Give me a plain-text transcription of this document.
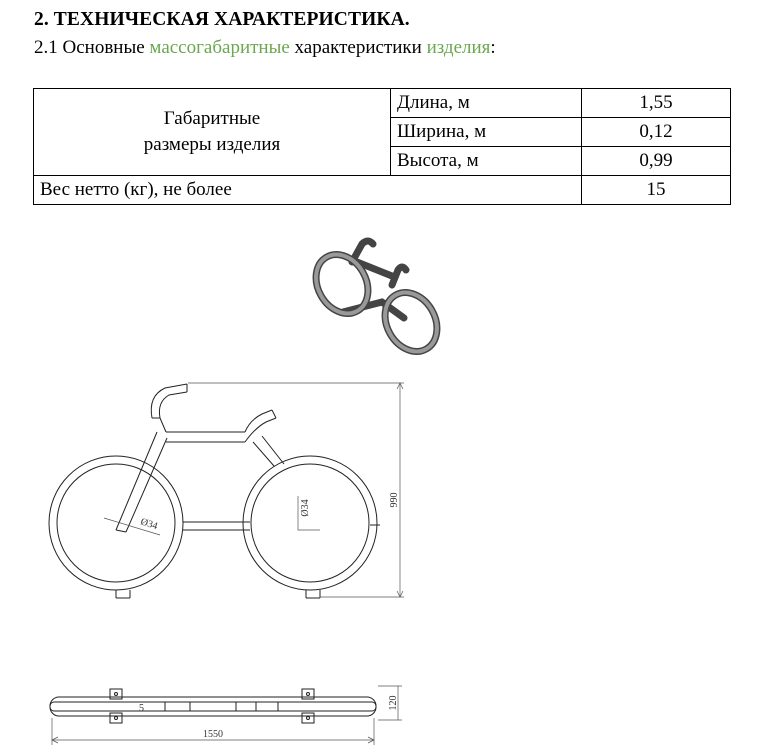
2. ТЕХНИЧЕСКАЯ ХАРАКТЕРИСТИКА.
2.1 Основные массогабаритные характеристики изделия:
Габаритные
размеры изделия	Длина, м	1,55
	Ширина, м	0,12
	Высота, м	0,99
Вес нетто (кг), не более		15
990
Ø34
Ø34
1550
120
5
